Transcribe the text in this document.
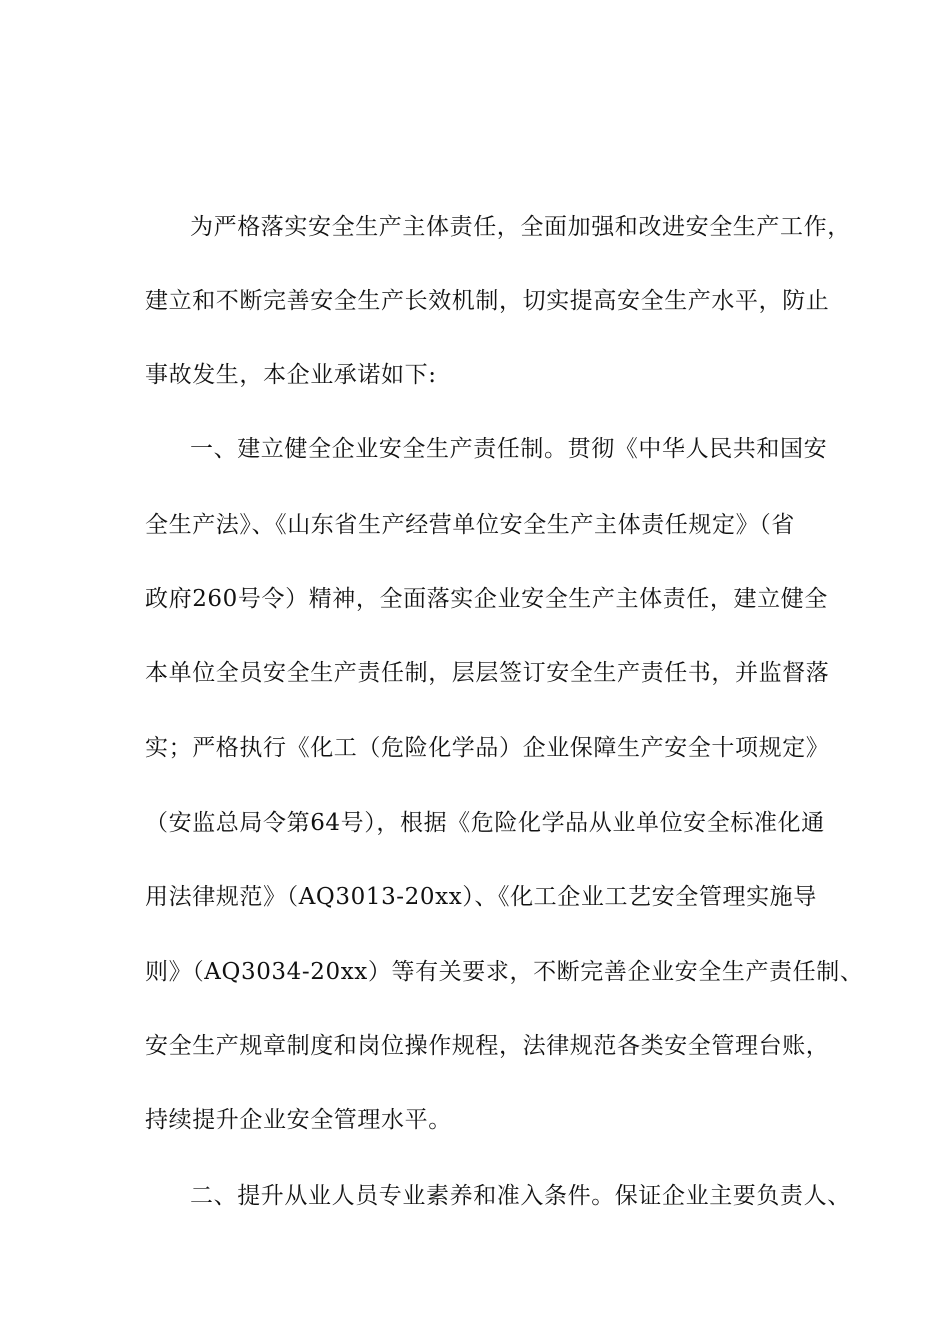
为严格落实安全生产主体责任，全面加强和改进安全生产工作，
建立和不断完善安全生产长效机制，切实提高安全生产水平，防止
事故发生，本企业承诺如下:
一、建立健全企业安全生产责任制。贯彻《中华人民共和国安
全生产法》、《山东省生产经营单位安全生产主体责任规定》（省
政府260号令）精神，全面落实企业安全生产主体责任，建立健全
本单位全员安全生产责任制，层层签订安全生产责任书，并监督落
实；严格执行《化工（危险化学品）企业保障生产安全十项规定》
（安监总局令第64号），根据《危险化学品从业单位安全标准化通
用法律规范》（AQ3013-20xx）、《化工企业工艺安全管理实施导
则》（AQ3034-20xx）等有关要求，不断完善企业安全生产责任制、
安全生产规章制度和岗位操作规程，法律规范各类安全管理台账，
持续提升企业安全管理水平。
二、提升从业人员专业素养和准入条件。保证企业主要负责人、
